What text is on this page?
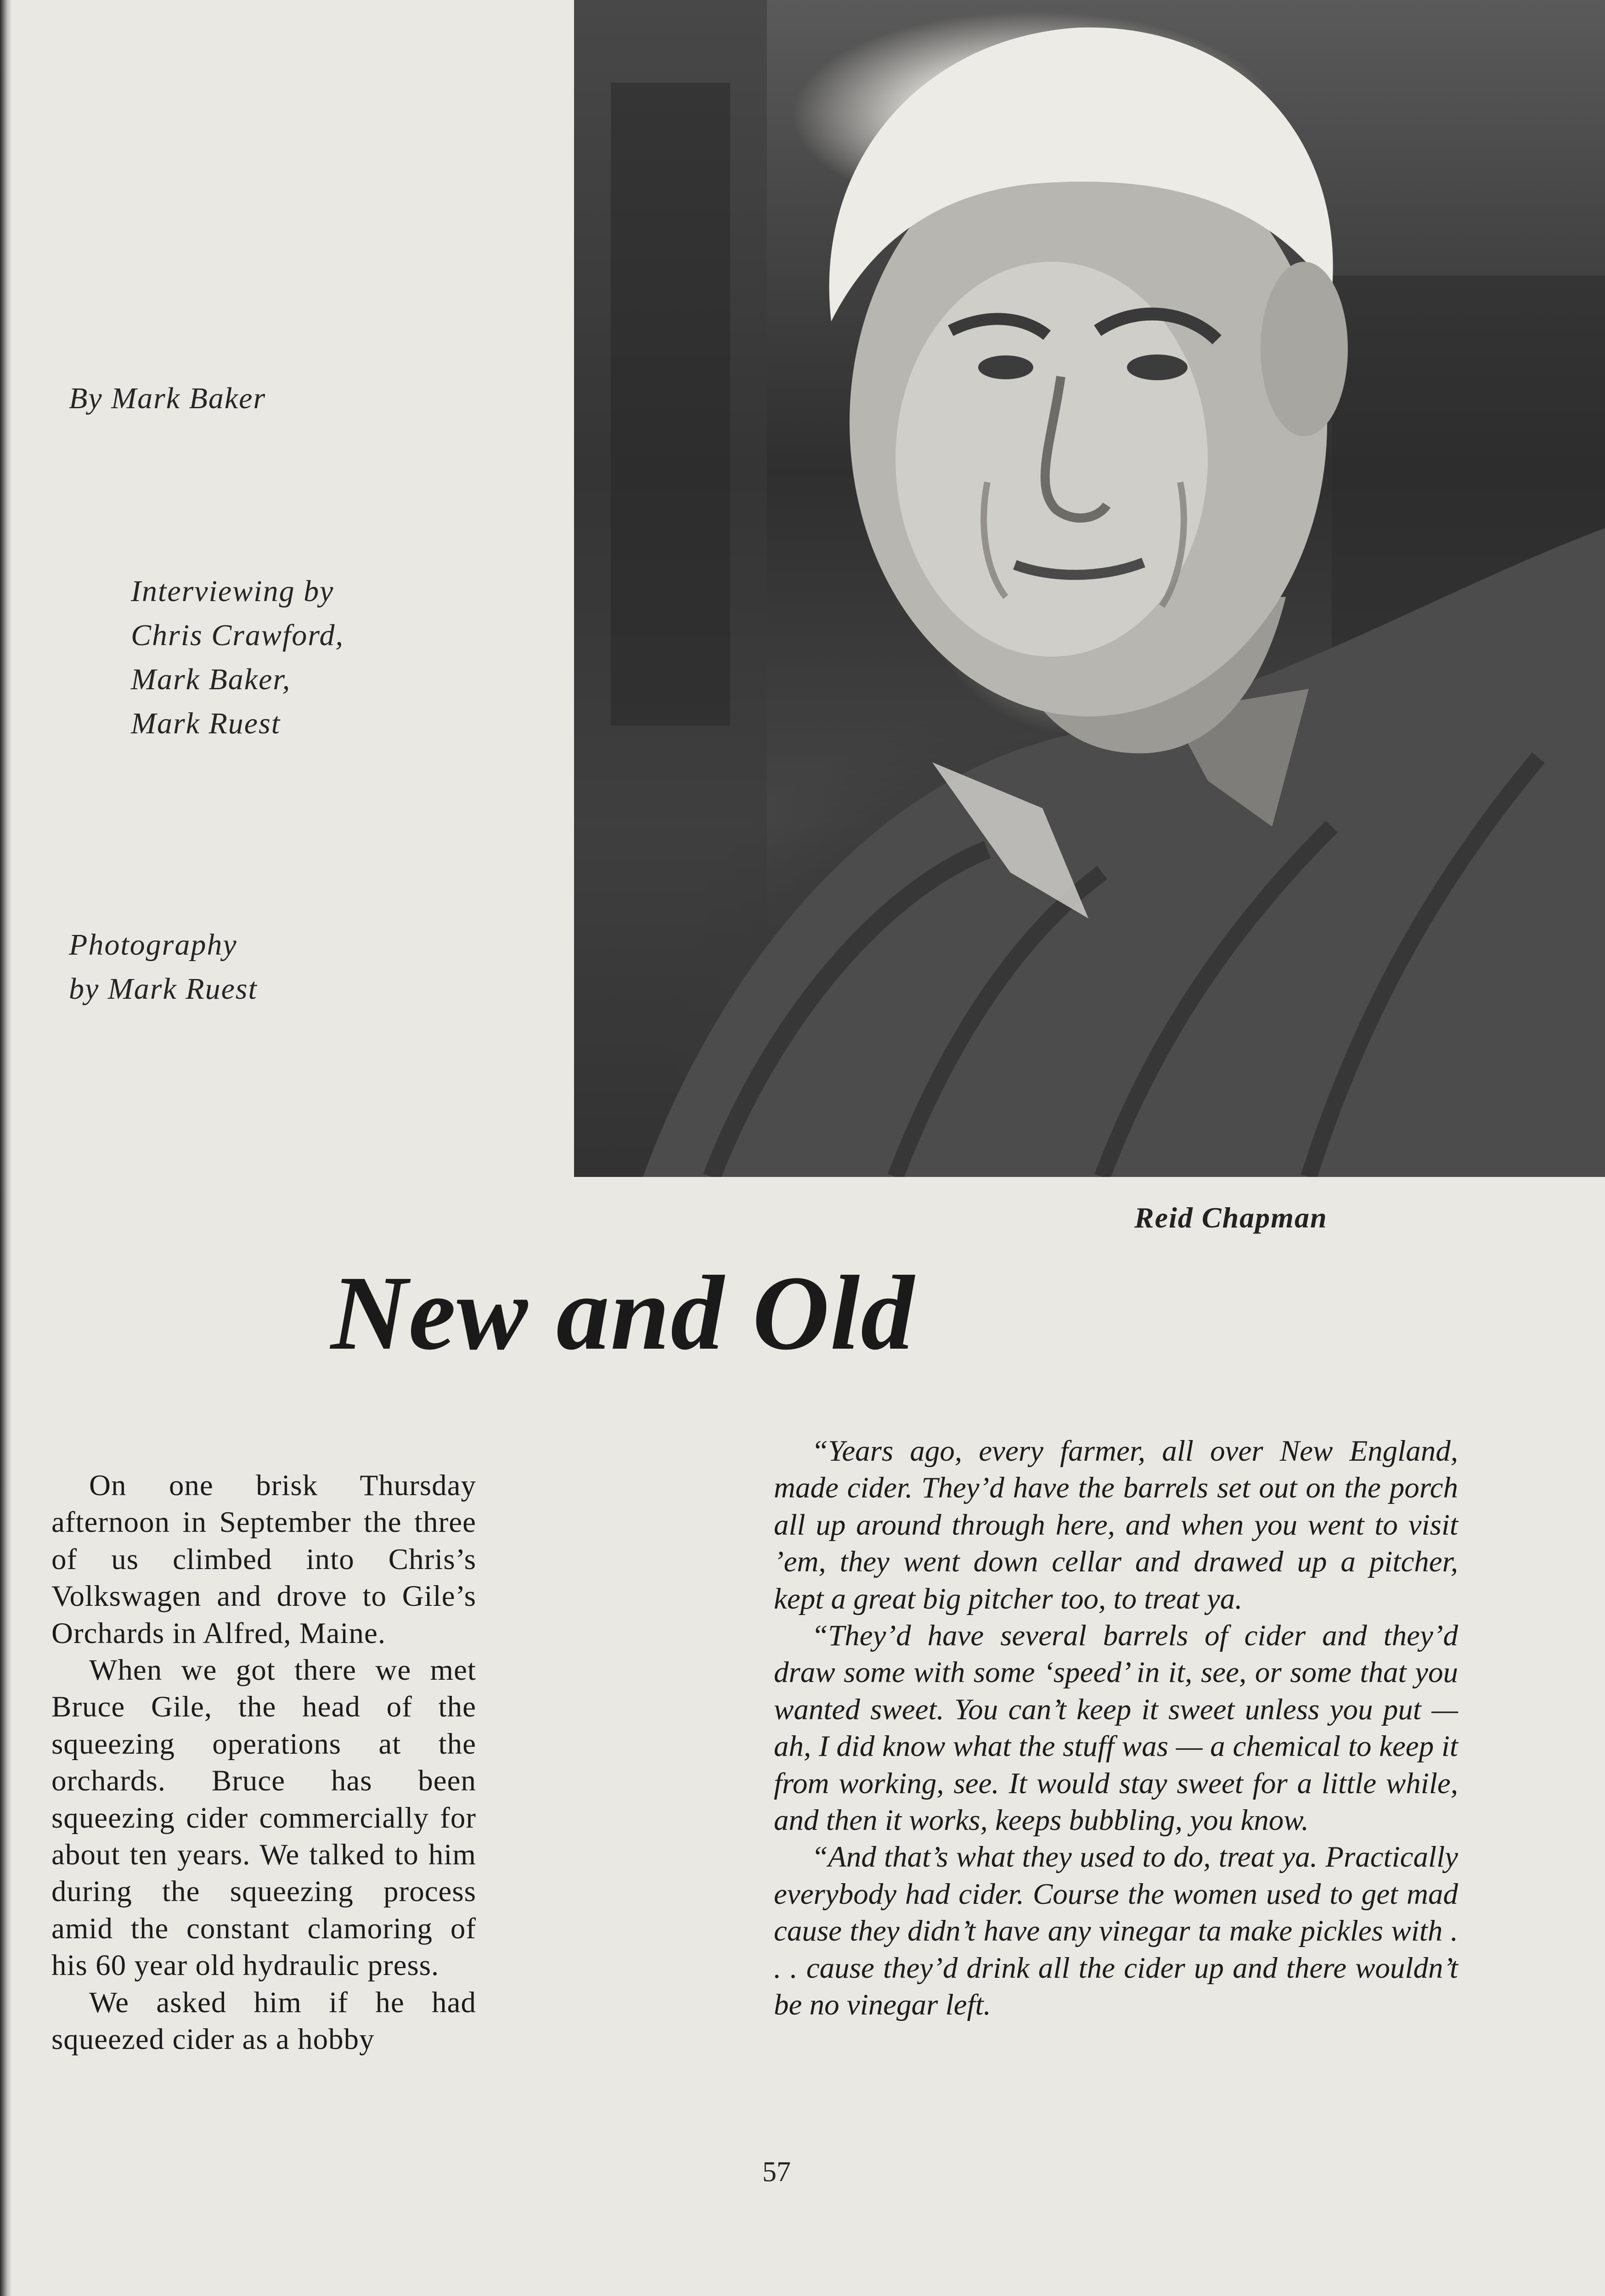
By Mark Baker
Interviewing by
Chris Crawford,
Mark Baker,
Mark Ruest
Photography
by Mark Ruest
Reid Chapman
New and Old

On one brisk Thursday afternoon in September the three of us climbed into Chris’s Volkswagen and drove to Gile’s Orchards in Alfred, Maine.

When we got there we met Bruce Gile, the head of the squeezing operations at the orchards. Bruce has been squeezing cider commercially for about ten years. We talked to him during the squeezing process amid the constant clamoring of his 60 year old hydraulic press.

We asked him if he had squeezed cider as a hobby

“Years ago, every farmer, all over New England, made cider. They’d have the barrels set out on the porch all up around through here, and when you went to visit ’em, they went down cellar and drawed up a pitcher, kept a great big pitcher too, to treat ya.

“They’d have several barrels of cider and they’d draw some with some ‘speed’ in it, see, or some that you wanted sweet. You can’t keep it sweet unless you put — ah, I did know what the stuff was — a chemical to keep it from working, see. It would stay sweet for a little while, and then it works, keeps bubbling, you know.

“And that’s what they used to do, treat ya. Practically everybody had cider. Course the women used to get mad cause they didn’t have any vinegar ta make pickles with . . . cause they’d drink all the cider up and there wouldn’t be no vinegar left.

57
